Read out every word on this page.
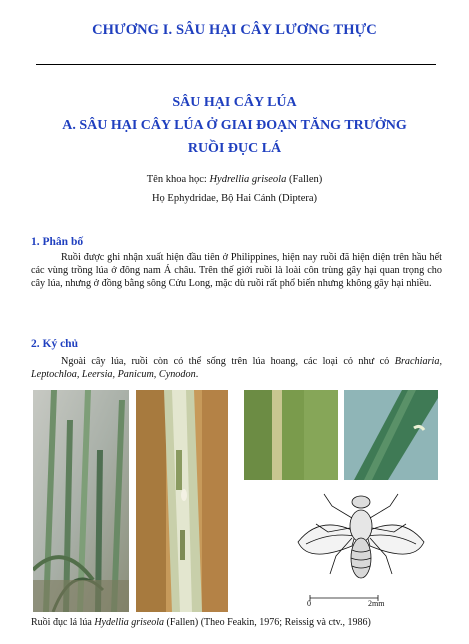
CHƯƠNG I. SÂU HẠI CÂY LƯƠNG THỰC
SÂU HẠI CÂY LÚA
A. SÂU HẠI CÂY LÚA Ở GIAI ĐOẠN TĂNG TRƯỞNG
RUỒI ĐỤC LÁ
Tên khoa học: Hydrellia griseola (Fallen)
Họ Ephydridae, Bộ Hai Cánh (Diptera)
1. Phân bố
Ruồi được ghi nhận xuất hiện đầu tiên ở Philippines, hiện nay ruồi đã hiện diện trên hầu hết các vùng trồng lúa ở đông nam Á châu. Trên thế giới ruồi là loài côn trùng gây hại quan trọng cho cây lúa, nhưng ở đồng bằng sông Cửu Long, mặc dù ruồi rất phổ biến nhưng không gây hại nhiều.
2. Ký chủ
Ngoài cây lúa, ruồi còn có thể sống trên lúa hoang, các loại cỏ như cỏ Brachiaria, Leptochloa, Leersia, Panicum, Cynodon.
0	2mm
Ruồi đục lá lúa Hydellia griseola (Fallen) (Theo Feakin, 1976; Reissig và ctv., 1986)
